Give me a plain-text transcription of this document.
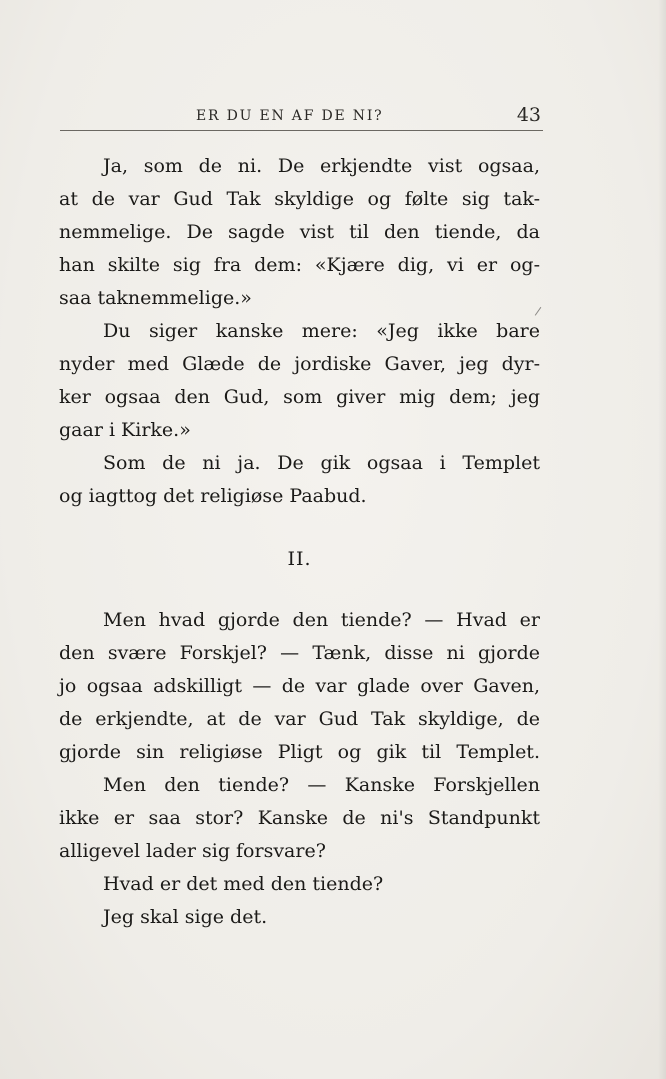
ER DU EN AF DE NI?	43
Ja, som de ni. De erkjendte vist ogsaa,
at de var Gud Tak skyldige og følte sig tak-
nemmelige. De sagde vist til den tiende, da
han skilte sig fra dem: «Kjære dig, vi er og-
saa taknemmelige.»
Du siger kanske mere: «Jeg ikke bare
nyder med Glæde de jordiske Gaver, jeg dyr-
ker ogsaa den Gud, som giver mig dem; jeg
gaar i Kirke.»
Som de ni ja. De gik ogsaa i Templet
og iagttog det religiøse Paabud.
II.
Men hvad gjorde den tiende? — Hvad er
den svære Forskjel? — Tænk, disse ni gjorde
jo ogsaa adskilligt — de var glade over Gaven,
de erkjendte, at de var Gud Tak skyldige, de
gjorde sin religiøse Pligt og gik til Templet.
Men den tiende? — Kanske Forskjellen
ikke er saa stor? Kanske de ni's Standpunkt
alligevel lader sig forsvare?
Hvad er det med den tiende?
Jeg skal sige det.
